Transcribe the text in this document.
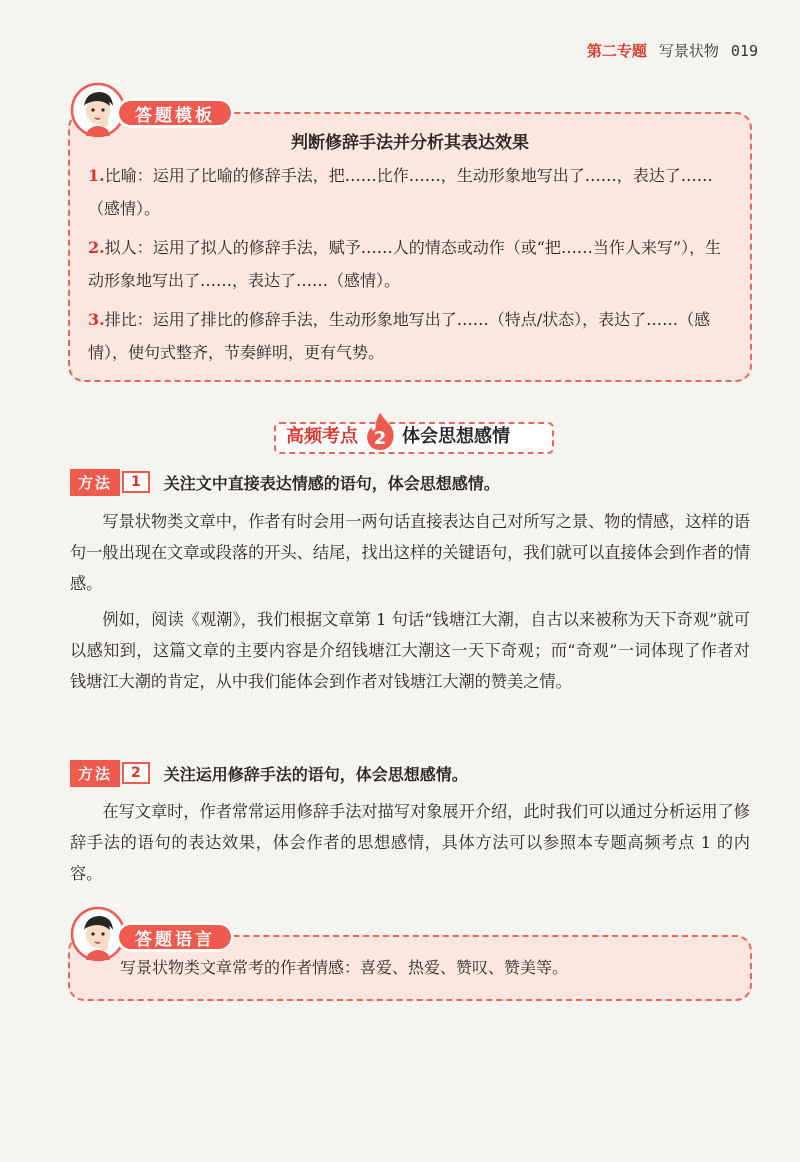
第二专题 写景状物 019
判断修辞手法并分析其表达效果
1.比喻：运用了比喻的修辞手法，把……比作……，生动形象地写出了……，表达了……（感情）。
2.拟人：运用了拟人的修辞手法，赋予……人的情态或动作（或“把……当作人来写”），生动形象地写出了……，表达了……（感情）。
3.排比：运用了排比的修辞手法，生动形象地写出了……（特点/状态），表达了……（感情），使句式整齐，节奏鲜明，更有气势。
答题模板
高频考点 2 体会思想感情
方法	1	关注文中直接表达情感的语句，体会思想感情。
写景状物类文章中，作者有时会用一两句话直接表达自己对所写之景、物的情感，这样的语句一般出现在文章或段落的开头、结尾，找出这样的关键语句，我们就可以直接体会到作者的情感。
例如，阅读《观潮》，我们根据文章第 1 句话“钱塘江大潮，自古以来被称为天下奇观”就可以感知到，这篇文章的主要内容是介绍钱塘江大潮这一天下奇观；而“奇观”一词体现了作者对钱塘江大潮的肯定，从中我们能体会到作者对钱塘江大潮的赞美之情。
方法	2	关注运用修辞手法的语句，体会思想感情。
在写文章时，作者常常运用修辞手法对描写对象展开介绍，此时我们可以通过分析运用了修辞手法的语句的表达效果，体会作者的思想感情，具体方法可以参照本专题高频考点 1 的内容。
写景状物类文章常考的作者情感：喜爱、热爱、赞叹、赞美等。
答题语言
